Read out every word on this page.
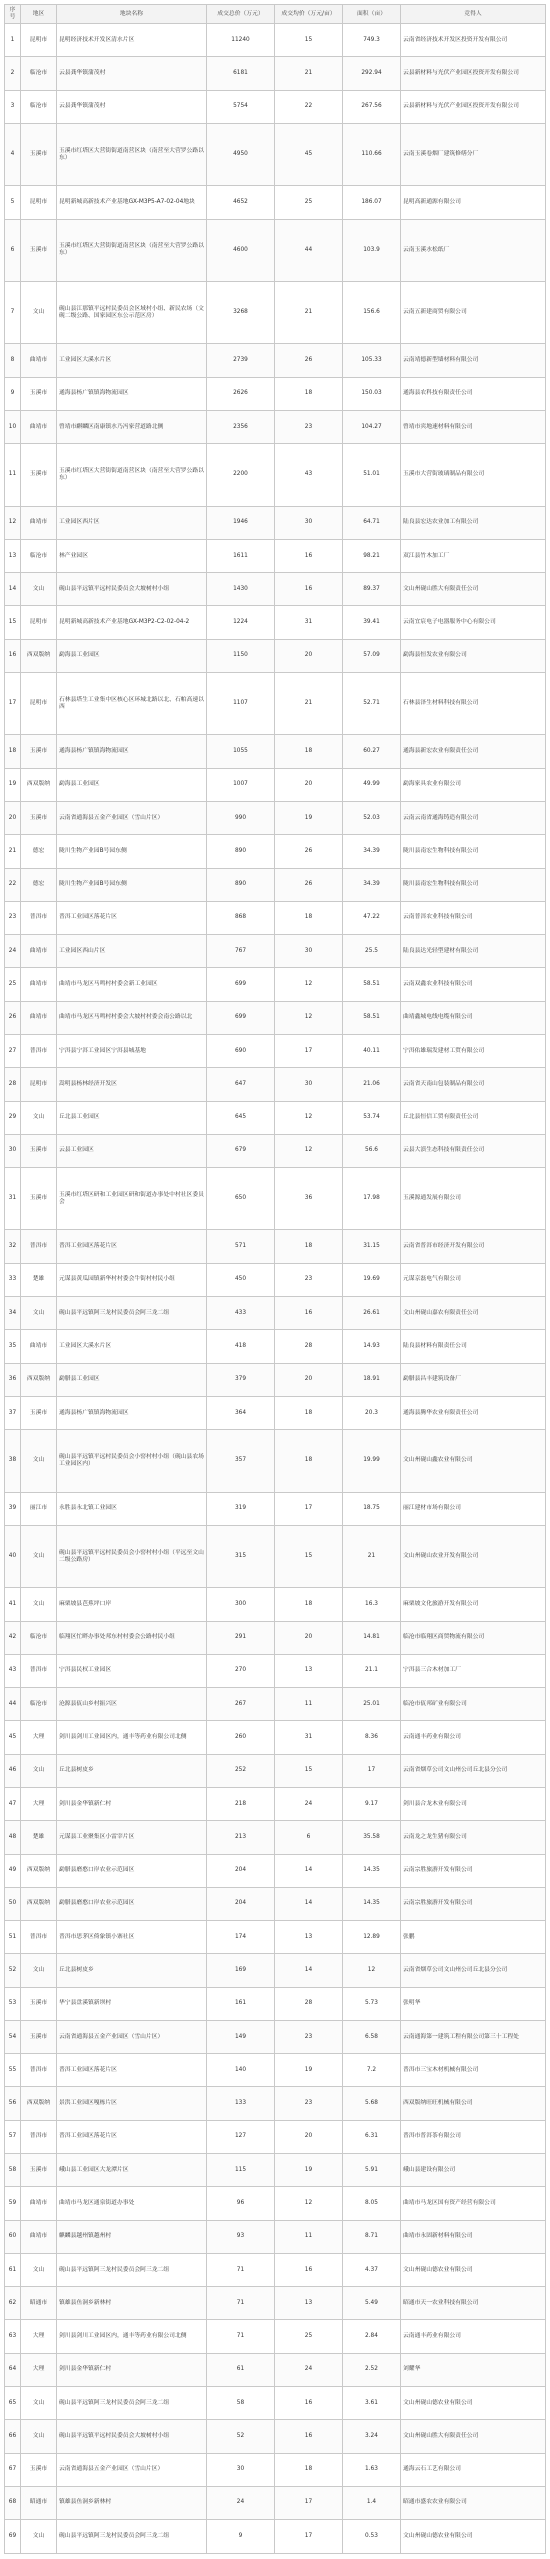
序号	地区	地块名称	成交总价（万元）	成交均价（万元/亩）	面积（亩）	竞得人
1	昆明市	昆明经济技术开发区清水片区	11240	15	749.3	云南省经济技术开发区投资开发有限公司
2	临沧市	云县龚华镇蒲茂村	6181	21	292.94	云县新材料与光伏产业园区投资开发有限公司
3	临沧市	云县龚华镇蒲茂村	5754	22	267.56	云县新材料与光伏产业园区投资开发有限公司
4	玉溪市	玉溪市红塔区大营街街道南营区块（南营至大营罗公路以东）	4950	45	110.66	云南玉溪卷烟厂建筑修缮分厂
5	昆明市	昆明新城高新技术产业基地GX-M3P5-A7-02-04地块	4652	25	186.07	昆明高新通源有限公司
6	玉溪市	玉溪市红塔区大营街街道南营区块（南营至大营罗公路以东）	4600	44	103.9	云南玉溪水松纸厂
7	文山	砚山县江那镇平远村民委员会区域村小组、新民农场（文砚二级公路、国家园区东公示范区房）	3268	21	156.6	云南五新建商贸有限公司
8	曲靖市	工业园区大溪水片区	2739	26	105.33	云南靖德新型墙材料有限公司
9	玉溪市	通海县杨广镇镇海物流园区	2626	18	150.03	通海县农科技有限责任公司
10	曲靖市	曾靖市麒麟区南康镇水乃冯家营道路北侧	2356	23	104.27	曾靖市宾地速材料有限公司
11	玉溪市	玉溪市红塔区大营街街道南营区块（南营至大营罗公路以东）	2200	43	51.01	玉溪市大营街玻璃制品有限公司
12	曲靖市	工业园区西片区	1946	30	64.71	陆良县宏达农业加工有限公司
13	临沧市	林产业园区	1611	16	98.21	双江县竹木加工厂
14	文山	砚山县平远镇平远村民委员会大坡树村小组	1430	16	89.37	文山州砚山胜大有限责任公司
15	昆明市	昆明新城高新技术产业基地GX-M3P2-C2-02-04-2	1224	31	39.41	云南宜宸电子电器服务中心有限公司
16	西双版纳	勐海县工业园区	1150	20	57.09	勐海县恒发农业有限公司
17	昆明市	石林县塔生工业集中区核心区环城北路以北、石帕高速以西	1107	21	52.71	石林县泽生材料科技有限公司
18	玉溪市	通海县杨广镇镇海物流园区	1055	18	60.27	通海县新宏农业有限责任公司
19	西双版纳	勐海县工业园区	1007	20	49.99	勐海家具农业有限公司
20	玉溪市	云南省通海县五金产业园区（雪山片区）	990	19	52.03	云南云南省通海铸造有限公司
21	德宏	陇川生物产业园B号园东侧	890	26	34.39	陇川县南宏生物科技有限公司
22	德宏	陇川生物产业园B号园东侧	890	26	34.39	陇川县南宏生物科技有限公司
23	普洱市	普洱工业园区落花片区	868	18	47.22	云南普洱农业科技有限公司
24	曲靖市	工业园区西山片区	767	30	25.5	陆良县达光轻型建材有限公司
25	曲靖市	曲靖市马龙区马鸣村村委会新工业园区	699	12	58.51	云南双鑫农业科技有限公司
26	曲靖市	曲靖市马龙区马鸣村村委会大坡村村委会南公路以北	699	12	58.51	曲靖鑫城电线电缆有限公司
27	普洱市	宁洱县宁洱工业园区宁洱县城基地	690	17	40.11	宁洱佑雄瑞发建材工贸有限公司
28	昆明市	嵩明县杨林经济开发区	647	30	21.06	云南省天南山包装制品有限公司
29	文山	丘北县工业园区	645	12	53.74	丘北县恒信工贸有限责任公司
30	玉溪市	云县工业园区	679	12	56.6	云县大滇生态科技有限责任公司
31	玉溪市	玉溪市红塔区研和工业园区研和街道办事处中村社区委员会	650	36	17.98	玉溪源通发展有限公司
32	普洱市	普洱工业园区落花片区	571	18	31.15	云南省普洱市经济开发有限公司
33	楚雄	元谋县黄瓜园镇新华村村委会牛街村村民小组	450	23	19.69	元谋京磊电气有限公司
34	文山	砚山县平远镇阿三龙村民委员会阿三龙二组	433	16	26.61	文山州砚山嘉农有限责任公司
35	曲靖市	工业园区大溪水片区	418	28	14.93	陆良县材料有限责任公司
36	西双版纳	勐腊县工业园区	379	20	18.91	勐腊县昌丰建筑设备厂
37	玉溪市	通海县杨广镇镇海物流园区	364	18	20.3	通海县腾华农业有限责任公司
38	文山	砚山县平远镇平远村民委员会小窑村村小组（砚山县农场工业园区内）	357	18	19.99	文山州砚山鑫农业有限公司
39	丽江市	永胜县永北镇工业园区	319	17	18.75	丽江建材市场有限公司
40	文山	砚山县平远镇平远村民委员会小窑村村小组（平远至文山二级公路房）	315	15	21	文山州砚山农业开发有限公司
41	文山	麻栗坡县芭蕉坪口岸	300	18	16.3	麻栗坡文化旅游开发有限公司
42	临沧市	临翔区忙畔办事处邦东村村委会公路村民小组	291	20	14.81	临沧市临翔区商贸物流有限公司
43	普洱市	宁洱县民权工业园区	270	13	21.1	宁洱县三合木材加工厂
44	临沧市	沧源县佤山乡村振兴区	267	11	25.01	临沧市佤邦矿业有限公司
45	大理	剑川县剑川工业园区内，通丰等药业有限公司北侧	260	31	8.36	云南通丰药业有限公司
46	文山	丘北县树皮乡	252	15	17	云南省烟草公司文山州公司丘北县分公司
47	大理	剑川县金华镇新仁村	218	24	9.17	剑川县合龙木业有限公司
48	楚雄	元谋县工业聚集区小雷宰片区	213	6	35.58	云南龙之龙生猪有限公司
49	西双版纳	勐腊县磨憨口岸农业示范园区	204	14	14.35	云南宗胜旅游开发有限公司
50	西双版纳	勐腊县磨憨口岸农业示范园区	204	14	14.35	云南宗胜旅游开发有限公司
51	普洱市	普洱市思茅区倚象镇小寨社区	174	13	12.89	张鹏
52	文山	丘北县树皮乡	169	14	12	云南省烟草公司文山州公司丘北县分公司
53	玉溪市	华宁县盘溪镇新坝村	161	28	5.73	张明华
54	玉溪市	云南省通海县五金产业园区（雪山片区）	149	23	6.58	云南通海第一建筑工程有限公司第三十工程处
55	普洱市	普洱工业园区落花片区	140	19	7.2	普洱市三宝木材机械有限公司
56	西双版纳	景洪工业园区嘎栋片区	133	23	5.68	西双版纳旺旺机械有限公司
57	普洱市	普洱工业园区落花片区	127	20	6.31	普洱市普洱茶有限公司
58	玉溪市	峨山县工业园区大龙潭片区	115	19	5.91	峨山县建设有限公司
59	曲靖市	曲靖市马龙区通泉街道办事处	96	12	8.05	曲靖市马龙区国有资产经营有限公司
60	曲靖市	麒麟县越州镇越州村	93	11	8.71	曲靖市永固新材料有限公司
61	文山	砚山县平远镇阿三龙村民委员会阿三龙二组	71	16	4.37	文山州砚山德农业有限公司
62	昭通市	镇雄县鱼洞乡新林村	71	13	5.49	昭通市天一农业科技有限公司
63	大理	剑川县剑川工业园区内，通丰等药业有限公司北侧	71	25	2.84	云南通丰药业有限公司
64	大理	剑川县金华镇新仁村	61	24	2.52	刘耀华
65	文山	砚山县平远镇阿三龙村民委员会阿三龙二组	58	16	3.61	文山州砚山德农业有限公司
66	文山	砚山县平远镇平远村民委员会大坡树村小组	52	16	3.24	文山州砚山胜大有限责任公司
67	玉溪市	云南省通海县五金产业园区（雪山片区）	30	18	1.63	通海云石工艺有限公司
68	昭通市	镇雄县鱼洞乡新林村	24	17	1.4	昭通市盛农农业有限公司
69	文山	砚山县平远镇阿三龙村民委员会阿三龙二组	9	17	0.53	文山州砚山德农业有限公司
